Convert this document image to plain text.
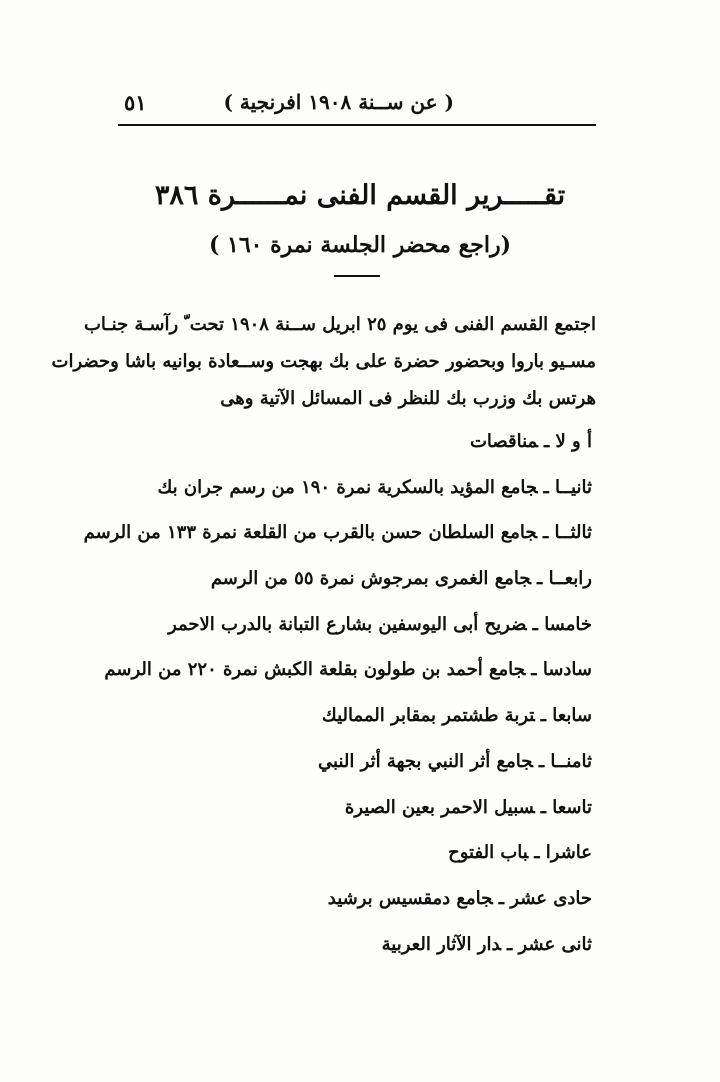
( عن ســنة ١٩٠٨ افرنجية )
٥١
تقـــــرير القسم الفنى نمــــــرة ٣٨٦
(راجع محضر الجلسة نمرة ١٦٠ )

اجتمع القسم الفنى فى يوم ٢٥ ابريل ســنة ١٩٠٨ تحت ّ رآسـة جنـاب
مسـيو باروا وبحضور حضرة على بك بهجت وســعادة بوانيه باشا وحضرات
هرتس بك وزرب بك للنظر فى المسائل الآتية وهى

أ و لا ـمناقصات
ثانيــا ـجامع المؤيد بالسكرية نمرة ١٩٠ من رسم جران بك
ثالثــا ـجامع السلطان حسن بالقرب من القلعة نمرة ١٣٣ من الرسم
رابعــا ـجامع الغمرى بمرجوش نمرة ٥٥ من الرسم
خامسا ـضريح أبى اليوسفين بشارع التبانة بالدرب الاحمر
سادسا ـجامع أحمد بن طولون بقلعة الكبش نمرة ٢٢٠ من الرسم
سابعا ـتربة طشتمر بمقابر المماليك
ثامنــا ـجامع أثر النبي بجهة أثر النبي
تاسعا ـسبيل الاحمر بعين الصيرة
عاشرا ـباب الفتوح
حادى عشر ـجامع دمقسيس برشيد
ثانى عشر ـدار الآثار العربية
